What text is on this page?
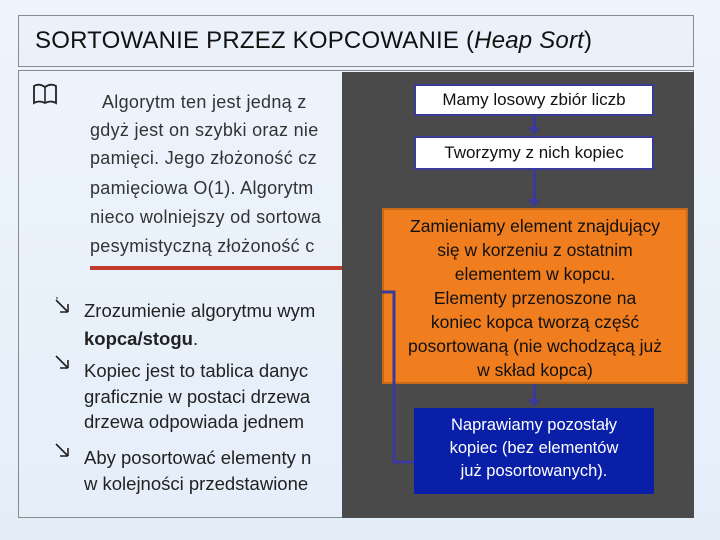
SORTOWANIE PRZEZ KOPCOWANIE (Heap Sort)
Algorytm ten jest jedną z
gdyż jest on szybki oraz nie
pamięci. Jego złożoność cz
pamięciowa O(1). Algorytm
nieco wolniejszy od sortowa
pesymistyczną złożoność c
Zrozumienie algorytmu wym
kopca/stogu.
Kopiec jest to tablica danyc
graficznie w postaci drzewa
drzewa odpowiada jednem
Aby posortować elementy n
w kolejności przedstawione
Mamy losowy zbiór liczb
Tworzymy z nich kopiec
Zamieniamy element znajdujący
się w korzeniu z ostatnim
elementem w kopcu.
Elementy przenoszone na
koniec kopca tworzą część
posortowaną (nie wchodzącą już
w skład kopca)
Naprawiamy pozostały
kopiec (bez elementów
już posortowanych).
